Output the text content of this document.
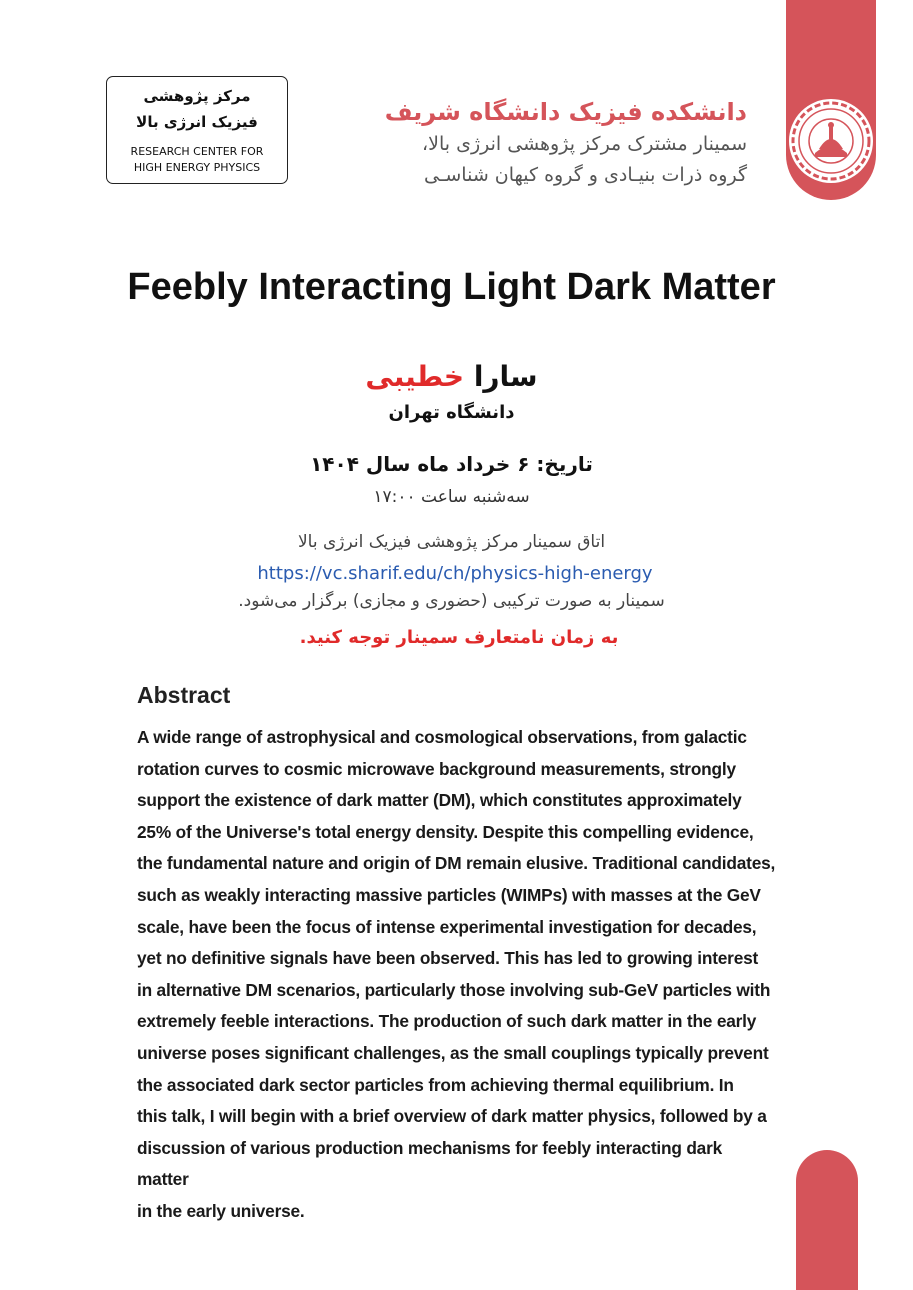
مرکز پژوهشی
فیزیک انرژی بالا
RESEARCH CENTER FOR
HIGH ENERGY PHYSICS
دانشکده فیزیک دانشگاه شریف
سمینار مشترک مرکز پژوهشی انرژی بالا،
گروه ذرات بنیـادی و گروه کیهان شناسـی
Feebly Interacting Light Dark Matter
سارا خطیبی
دانشگاه تهران
تاریخ: ۶ خرداد ماه سال ۱۴۰۴
سه‌شنبه ساعت ۱۷:۰۰
اتاق سمینار مرکز پژوهشی فیزیک انرژی بالا
https://vc.sharif.edu/ch/physics-high-energy
سمینار به صورت ترکیبی (حضوری و مجازی) برگزار می‌شود.
به زمان نامتعارف سمینار توجه کنید.
Abstract
A wide range of astrophysical and cosmological observations, from galactic
rotation curves to cosmic microwave background measurements, strongly
support the existence of dark matter (DM), which constitutes approximately
25% of the Universe's total energy density. Despite this compelling evidence,
the fundamental nature and origin of DM remain elusive. Traditional candidates,
such as weakly interacting massive particles (WIMPs) with masses at the GeV
scale, have been the focus of intense experimental investigation for decades,
yet no definitive signals have been observed. This has led to growing interest
in alternative DM scenarios, particularly those involving sub-GeV particles with
extremely feeble interactions. The production of such dark matter in the early
universe poses significant challenges, as the small couplings typically prevent
the associated dark sector particles from achieving thermal equilibrium. In
this talk, I will begin with a brief overview of dark matter physics, followed by a
discussion of various production mechanisms for feebly interacting dark matter
in the early universe.
